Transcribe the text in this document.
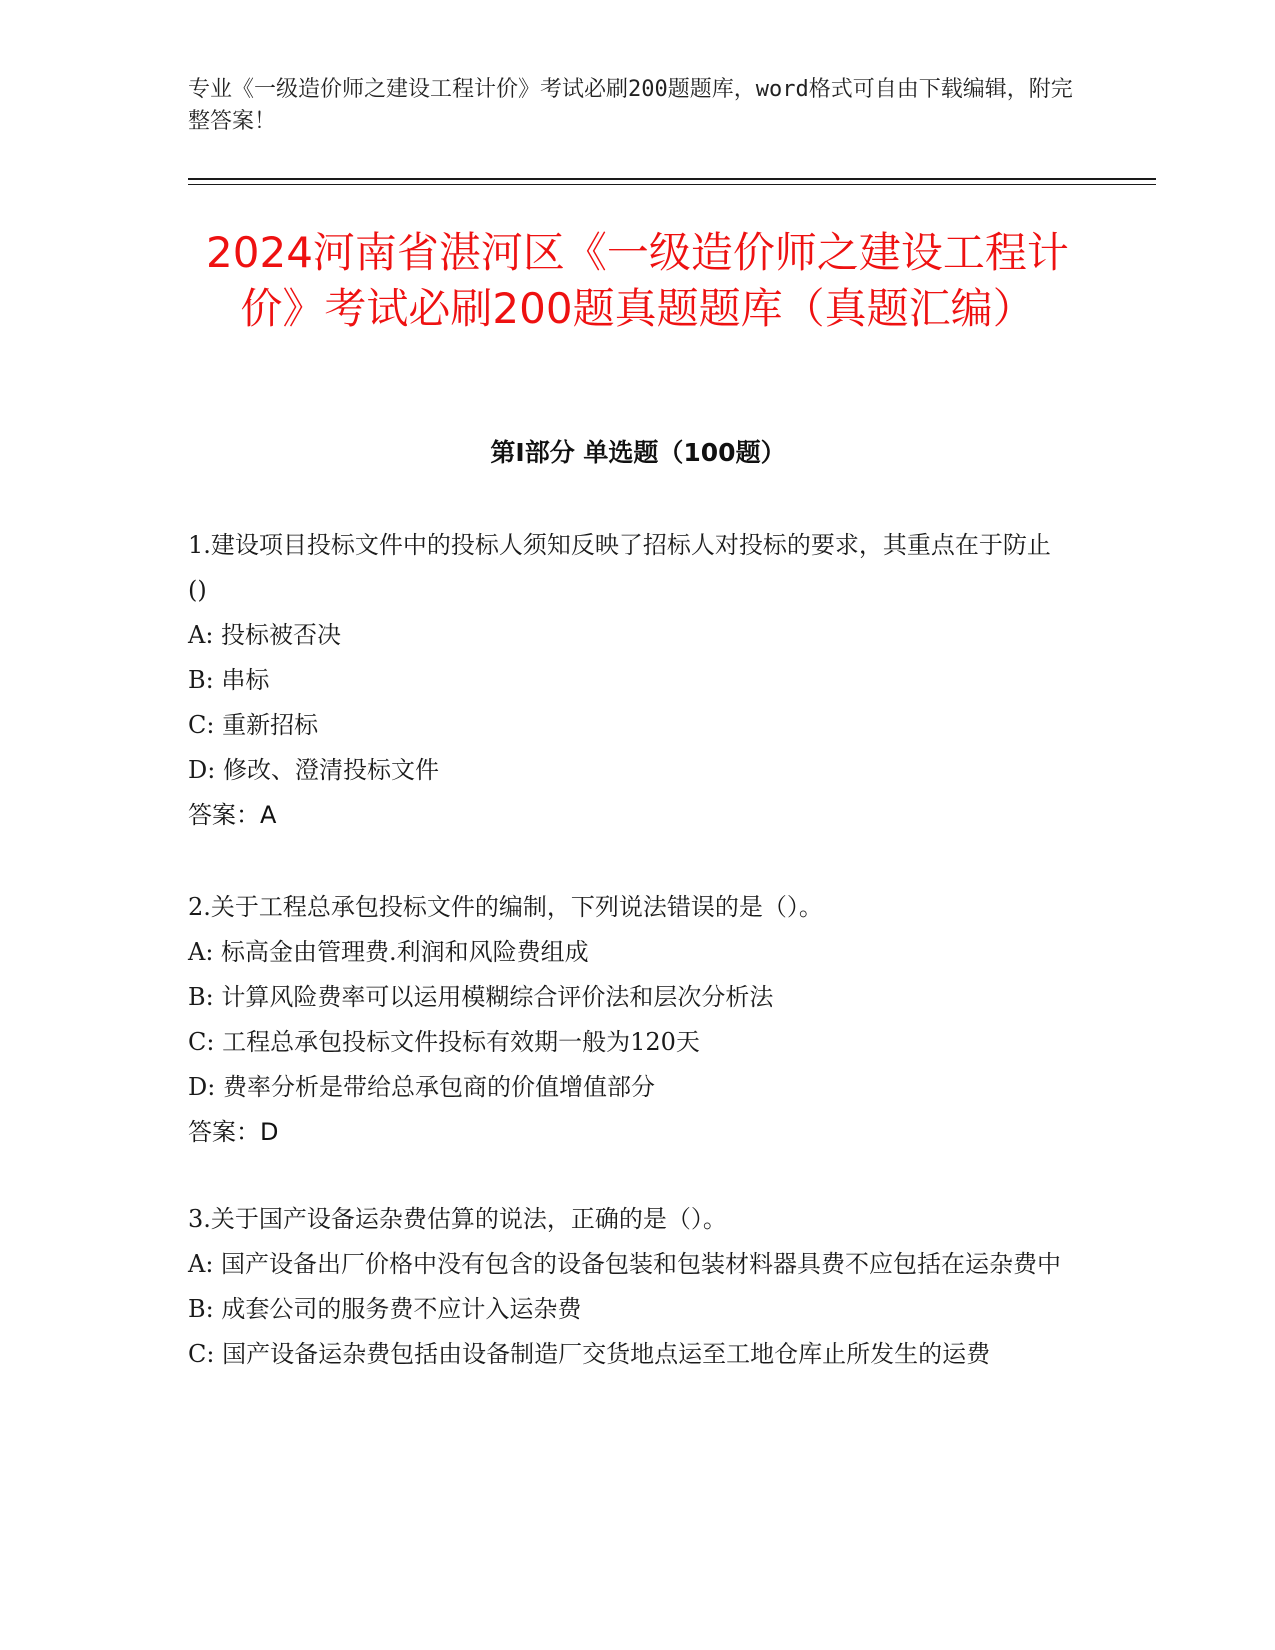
专业《一级造价师之建设工程计价》考试必刷200题题库，word格式可自由下载编辑，附完整答案！
2024河南省湛河区《一级造价师之建设工程计价》考试必刷200题真题题库（真题汇编）
第I部分 单选题（100题）

1.建设项目投标文件中的投标人须知反映了招标人对投标的要求，其重点在于防止()

A: 投标被否决

B: 串标

C: 重新招标

D: 修改、澄清投标文件

答案：A

2.关于工程总承包投标文件的编制，下列说法错误的是（）。

A: 标高金由管理费.利润和风险费组成

B: 计算风险费率可以运用模糊综合评价法和层次分析法

C: 工程总承包投标文件投标有效期一般为120天

D: 费率分析是带给总承包商的价值增值部分

答案：D

3.关于国产设备运杂费估算的说法，正确的是（）。

A: 国产设备出厂价格中没有包含的设备包装和包装材料器具费不应包括在运杂费中

B: 成套公司的服务费不应计入运杂费

C: 国产设备运杂费包括由设备制造厂交货地点运至工地仓库止所发生的运费
